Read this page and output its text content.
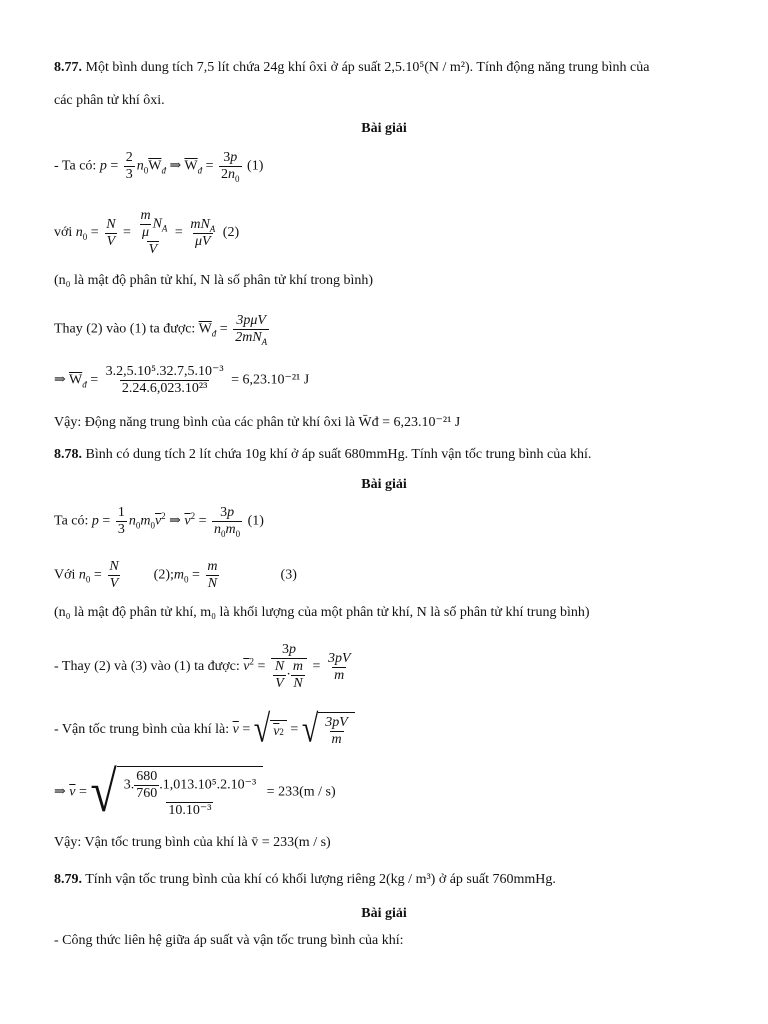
8.77. Một bình dung tích 7,5 lít chứa 24g khí ôxi ở áp suất 2,5.10⁵(N / m²). Tính động năng trung bình của
các phân tử khí ôxi.
Bài giải
- Ta có: $p = \frac{2}{3} n_0\overline{W}_đ$ ⇒ $\overline{W}_đ = \frac{3p}{2n_0} (1)$
với $n_0 = \frac{N}{V} = \frac{\frac{m}{\mu} N_A}{V} = \frac{mN_A}{\mu V} (2)$
(n₀ là mật độ phân tử khí, N là số phân tử khí trong bình)
Thay (2) vào (1) ta được: $\overline{W}_đ = \frac{\text{3pμV}}{2mN_A}$
⇒ $\overline{W}_đ = \frac{\text{3.2,5.10⁵.32.7,5.10⁻³}}{\text{2.24.6,023.10²³}} = 6,23.10^{-21}$ J
Vậy: Động năng trung bình của các phân tử khí ôxi là W̄đ = 6,23.10⁻²¹ J
8.78. Bình có dung tích 2 lít chứa 10g khí ở áp suất 680mmHg. Tính vận tốc trung bình của khí.
Bài giải
Ta có: $p = \frac{1}{3} n_0m_0\overline{v}^2$ ⇒ $\overline{v}^2 = \frac{3p}{n_0m_0} (1)$
Với $n_0 = \frac{N}{V}$ $(2);m_0 = \frac{m}{N}$	(3)
(n₀ là mật độ phân tử khí, m₀ là khối lượng của một phân tử khí, N là số phân tử khí trung bình)
- Thay (2) và (3) vào (1) ta được: $\overline{v}^2 = \frac{3p}{\frac{N}{V} \cdot \frac{m}{N}} = \frac{3pV}{m}$
- Vận tốc trung bình của khí là: $\overline{v}$ = √ v 2 = √ $\frac{3pV}{m}$
⇒ $\overline{v}$ = √ $\frac{3. \frac{680}{760} .1,013.10^5.2.10^{-3}}{\text{10.10⁻³}} = 233(m / s)$
Vậy: Vận tốc trung bình của khí là v̄ = 233(m / s)
8.79. Tính vận tốc trung bình của khí có khối lượng riêng 2(kg / m³) ở áp suất 760mmHg.
Bài giải
- Công thức liên hệ giữa áp suất và vận tốc trung bình của khí:
